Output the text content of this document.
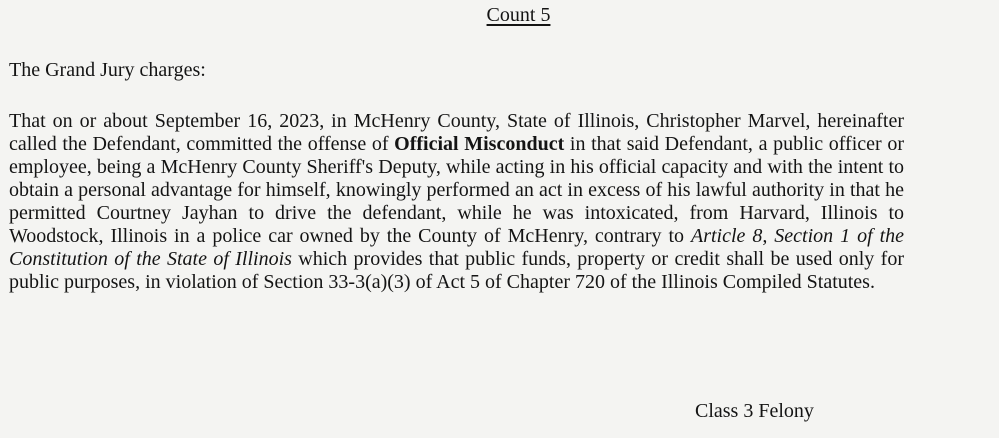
Count 5

The Grand Jury charges:

That on or about September 16, 2023, in McHenry County, State of Illinois, Christopher Marvel, hereinafter called the Defendant, committed the offense of Official Misconduct in that said Defendant, a public officer or employee, being a McHenry County Sheriff's Deputy, while acting in his official capacity and with the intent to obtain a personal advantage for himself, knowingly performed an act in excess of his lawful authority in that he permitted Courtney Jayhan to drive the defendant, while he was intoxicated, from Harvard, Illinois to Woodstock, Illinois in a police car owned by the County of McHenry, contrary to Article 8, Section 1 of the Constitution of the State of Illinois which provides that public funds, property or credit shall be used only for public purposes, in violation of Section 33-3(a)(3) of Act 5 of Chapter 720 of the Illinois Compiled Statutes.

Class 3 Felony
